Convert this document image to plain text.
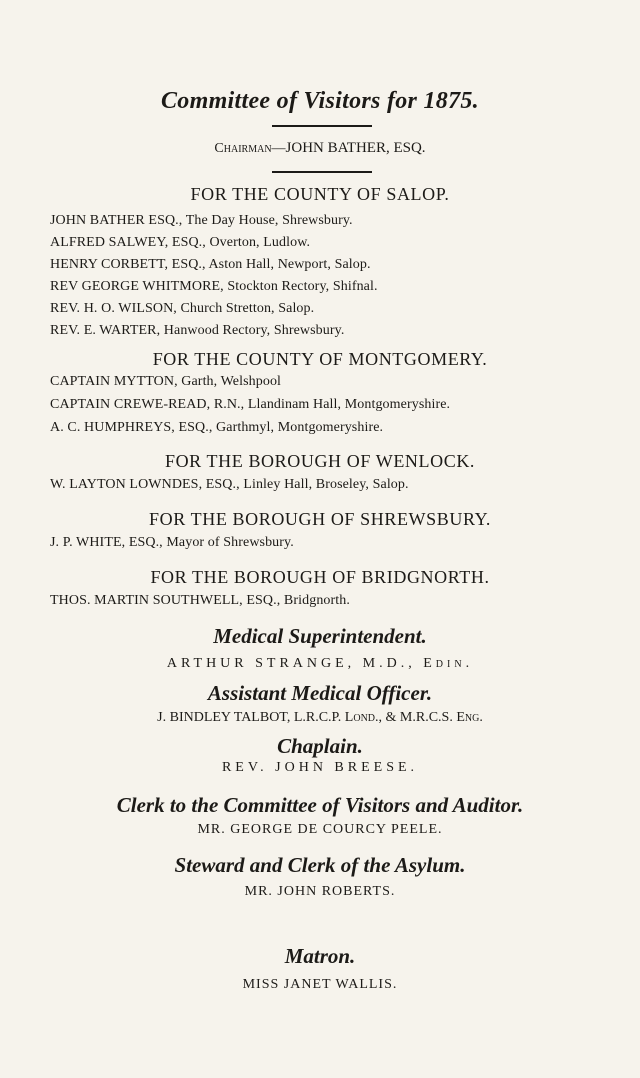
Committee of Visitors for 1875.
Chairman—JOHN BATHER, ESQ.
FOR THE COUNTY OF SALOP.
JOHN BATHER ESQ., The Day House, Shrewsbury.
ALFRED SALWEY, ESQ., Overton, Ludlow.
HENRY CORBETT, ESQ., Aston Hall, Newport, Salop.
REV GEORGE WHITMORE, Stockton Rectory, Shifnal.
REV. H. O. WILSON, Church Stretton, Salop.
REV. E. WARTER, Hanwood Rectory, Shrewsbury.
FOR THE COUNTY OF MONTGOMERY.
CAPTAIN MYTTON, Garth, Welshpool
CAPTAIN CREWE-READ, R.N., Llandinam Hall, Montgomeryshire.
A. C. HUMPHREYS, ESQ., Garthmyl, Montgomeryshire.
FOR THE BOROUGH OF WENLOCK.
W. LAYTON LOWNDES, ESQ., Linley Hall, Broseley, Salop.
FOR THE BOROUGH OF SHREWSBURY.
J. P. WHITE, ESQ., Mayor of Shrewsbury.
FOR THE BOROUGH OF BRIDGNORTH.
THOS. MARTIN SOUTHWELL, ESQ., Bridgnorth.
Medical Superintendent.
ARTHUR STRANGE, M.D., Edin.
Assistant Medical Officer.
J. BINDLEY TALBOT, L.R.C.P. Lond., & M.R.C.S. Eng.
Chaplain.
REV. JOHN BREESE.
Clerk to the Committee of Visitors and Auditor.
MR. GEORGE DE COURCY PEELE.
Steward and Clerk of the Asylum.
MR. JOHN ROBERTS.
Matron.
MISS JANET WALLIS.
